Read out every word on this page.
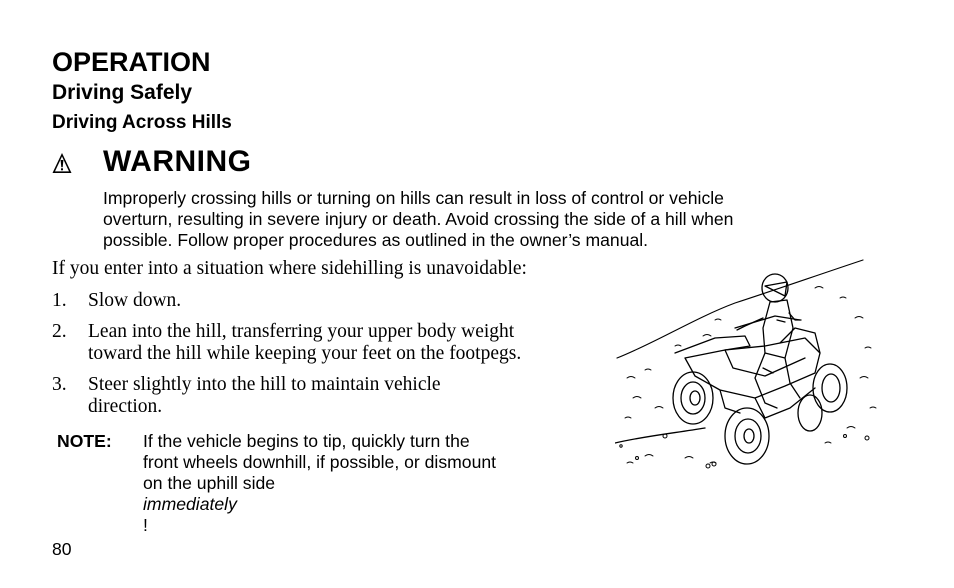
OPERATION
Driving Safely
Driving Across Hills
WARNING
Improperly crossing hills or turning on hills can result in loss of control or vehicle
overturn, resulting in severe injury or death. Avoid crossing the side of a hill when
possible. Follow proper procedures as outlined in the owner’s manual.
If you enter into a situation where sidehilling is unavoidable:
1. Slow down.
2. Lean into the hill, transferring your upper body weight
toward the hill while keeping your feet on the footpegs.
3. Steer slightly into the hill to maintain vehicle
direction.
NOTE: If the vehicle begins to tip, quickly turn the
front wheels downhill, if possible, or dismount
on the uphill side
immediately
!
80
